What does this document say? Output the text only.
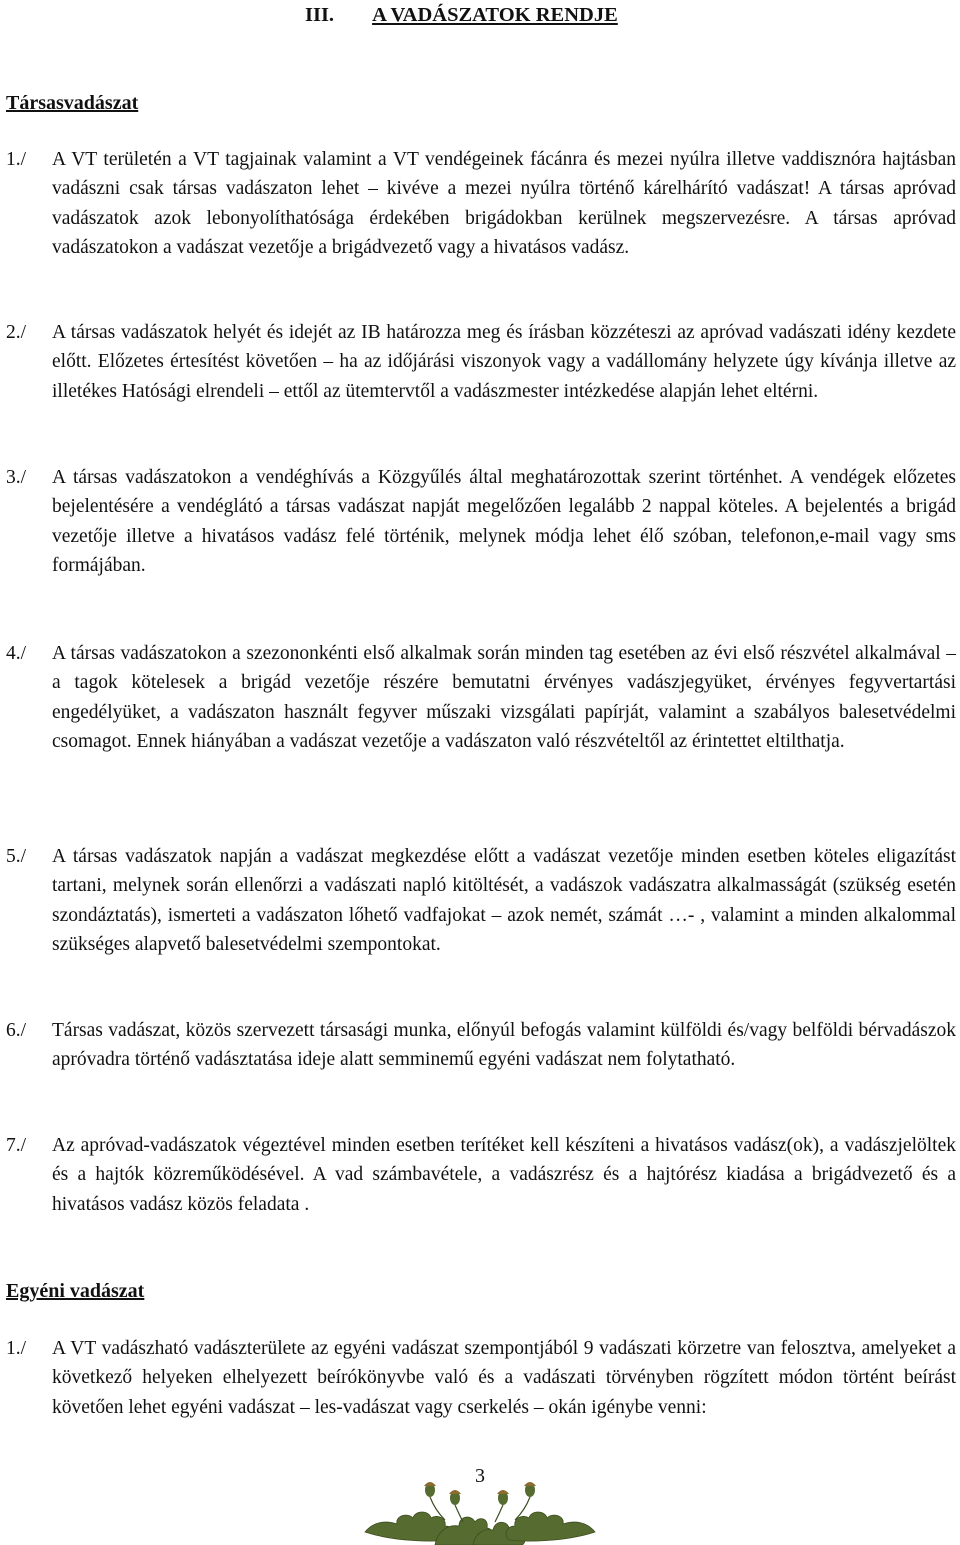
III. A VADÁSZATOK RENDJE
Társasvadászat
1./ A VT területén a VT tagjainak valamint a VT vendégeinek fácánra és mezei nyúlra illetve vaddisznóra hajtásban vadászni csak társas vadászaton lehet – kivéve a mezei nyúlra történő kárelhárító vadászat! A társas apróvad vadászatok azok lebonyolíthatósága érdekében brigádokban kerülnek megszervezésre. A társas apróvad vadászatokon a vadászat vezetője a brigádvezető vagy a hivatásos vadász.
2./ A társas vadászatok helyét és idejét az IB határozza meg és írásban közzéteszi az apróvad vadászati idény kezdete előtt. Előzetes értesítést követően – ha az időjárási viszonyok vagy a vadállomány helyzete úgy kívánja illetve az illetékes Hatósági elrendeli – ettől az ütemtervtől a vadászmester intézkedése alapján lehet eltérni.
3./ A társas vadászatokon a vendéghívás a Közgyűlés által meghatározottak szerint történhet. A vendégek előzetes bejelentésére a vendéglátó a társas vadászat napját megelőzően legalább 2 nappal köteles. A bejelentés a brigád vezetője illetve a hivatásos vadász felé történik, melynek módja lehet élő szóban, telefonon,e-mail vagy sms formájában.
4./ A társas vadászatokon a szezononkénti első alkalmak során minden tag esetében az évi első részvétel alkalmával – a tagok kötelesek a brigád vezetője részére bemutatni érvényes vadászjegyüket, érvényes fegyvertartási engedélyüket, a vadászaton használt fegyver műszaki vizsgálati papírját, valamint a szabályos balesetvédelmi csomagot. Ennek hiányában a vadászat vezetője a vadászaton való részvételtől az érintettet eltilthatja.
5./ A társas vadászatok napján a vadászat megkezdése előtt a vadászat vezetője minden esetben köteles eligazítást tartani, melynek során ellenőrzi a vadászati napló kitöltését, a vadászok vadászatra alkalmasságát (szükség esetén szondáztatás), ismerteti a vadászaton lőhető vadfajokat – azok nemét, számát …- , valamint a minden alkalommal szükséges alapvető balesetvédelmi szempontokat.
6./ Társas vadászat, közös szervezett társasági munka, előnyúl befogás valamint külföldi és/vagy belföldi bérvadászok apróvadra történő vadásztatása ideje alatt semminemű egyéni vadászat nem folytatható.
7./ Az apróvad-vadászatok végeztével minden esetben terítéket kell készíteni a hivatásos vadász(ok), a vadászjelöltek és a hajtók közreműködésével. A vad számbavétele, a vadászrész és a hajtórész kiadása a brigádvezető és a hivatásos vadász közös feladata .
Egyéni vadászat
1./ A VT vadászható vadászterülete az egyéni vadászat szempontjából 9 vadászati körzetre van felosztva, amelyeket a következő helyeken elhelyezett beírókönyvbe való és a vadászati törvényben rögzített módon történt beírást követően lehet egyéni vadászat – les-vadászat vagy cserkelés – okán igénybe venni:
3
